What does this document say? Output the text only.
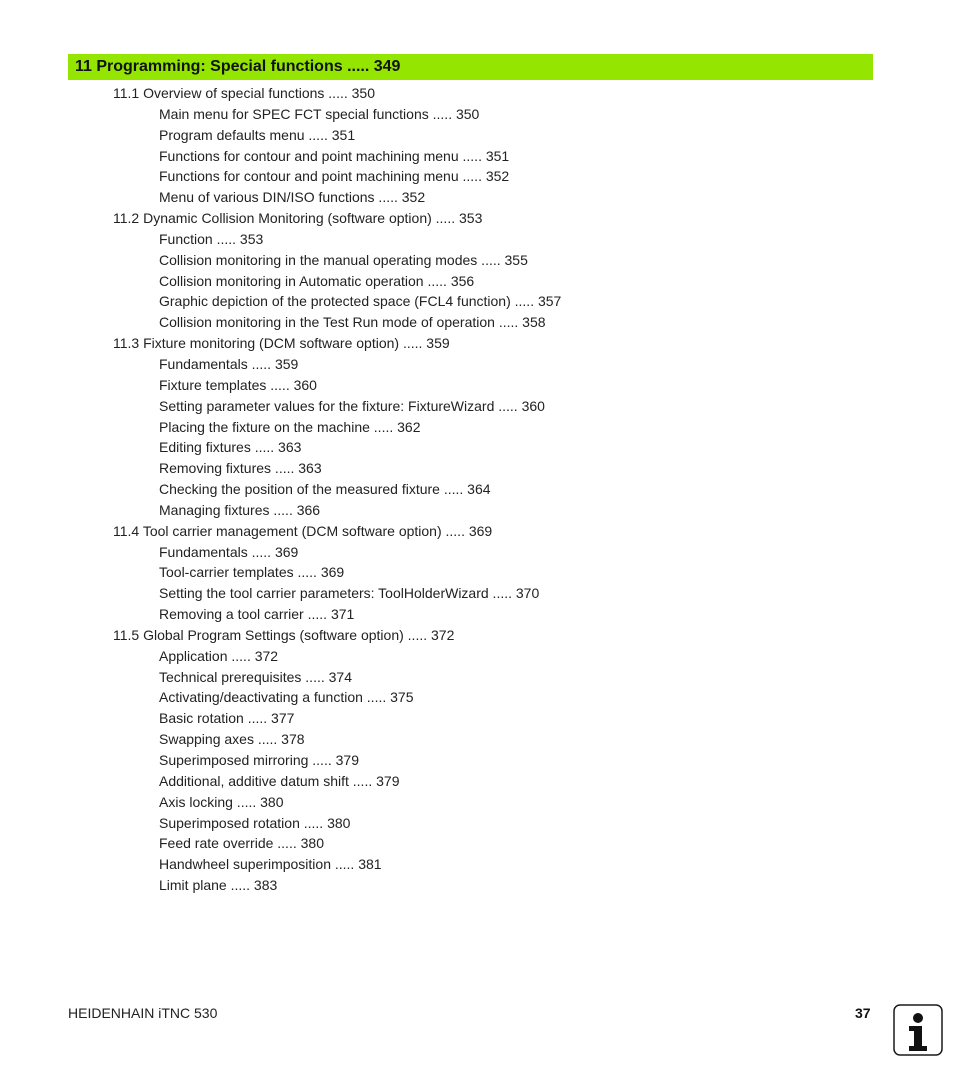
11 Programming: Special functions ..... 349
11.1 Overview of special functions ..... 350
Main menu for SPEC FCT special functions ..... 350
Program defaults menu ..... 351
Functions for contour and point machining menu ..... 351
Functions for contour and point machining menu ..... 352
Menu of various DIN/ISO functions ..... 352
11.2 Dynamic Collision Monitoring (software option) ..... 353
Function ..... 353
Collision monitoring in the manual operating modes ..... 355
Collision monitoring in Automatic operation ..... 356
Graphic depiction of the protected space (FCL4 function) ..... 357
Collision monitoring in the Test Run mode of operation ..... 358
11.3 Fixture monitoring (DCM software option) ..... 359
Fundamentals ..... 359
Fixture templates ..... 360
Setting parameter values for the fixture: FixtureWizard ..... 360
Placing the fixture on the machine ..... 362
Editing fixtures ..... 363
Removing fixtures ..... 363
Checking the position of the measured fixture ..... 364
Managing fixtures ..... 366
11.4 Tool carrier management (DCM software option) ..... 369
Fundamentals ..... 369
Tool-carrier templates ..... 369
Setting the tool carrier parameters: ToolHolderWizard ..... 370
Removing a tool carrier ..... 371
11.5 Global Program Settings (software option) ..... 372
Application ..... 372
Technical prerequisites ..... 374
Activating/deactivating a function ..... 375
Basic rotation ..... 377
Swapping axes ..... 378
Superimposed mirroring ..... 379
Additional, additive datum shift ..... 379
Axis locking ..... 380
Superimposed rotation ..... 380
Feed rate override ..... 380
Handwheel superimposition ..... 381
Limit plane ..... 383
HEIDENHAIN iTNC 530	37
